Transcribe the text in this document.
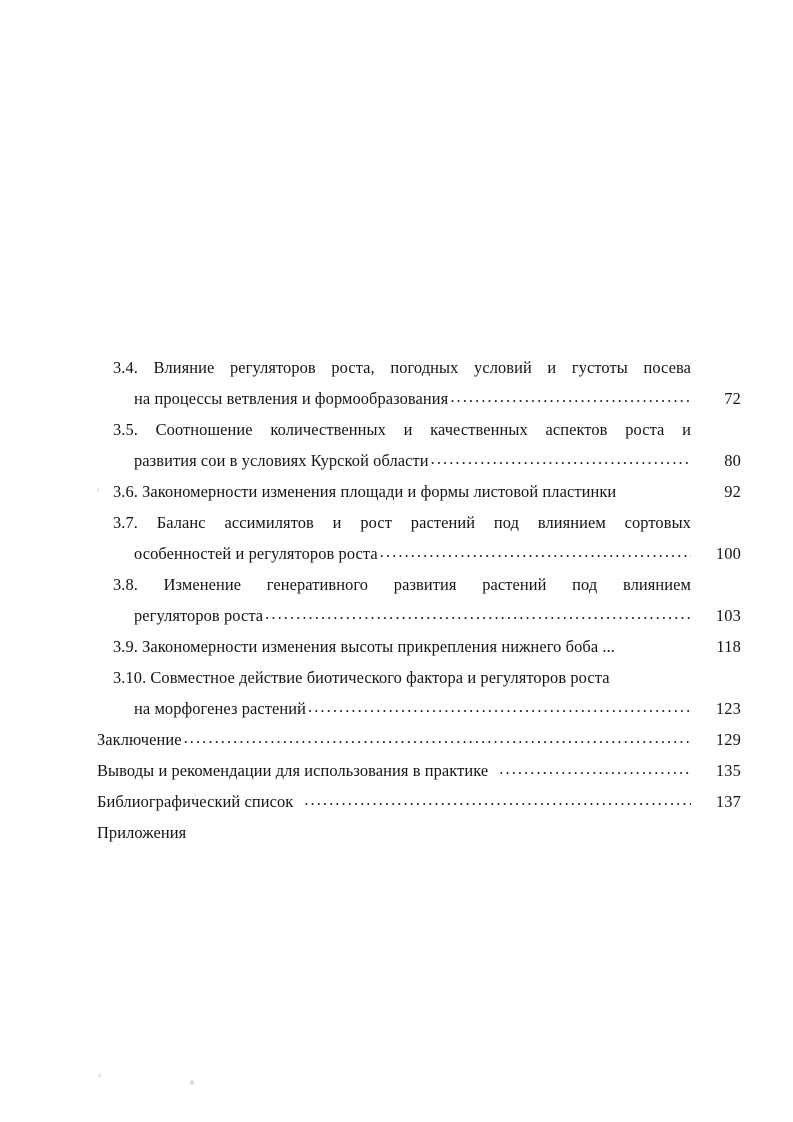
3.4. Влияние регуляторов роста, погодных условий и густоты посева
на процессы ветвления и формообразования .....	72
3.5. Соотношение количественных и качественных аспектов роста и
развития сои в условиях Курской области .....	80
3.6. Закономерности изменения площади и формы листовой пластинки	92
3.7. Баланс ассимилятов и рост растений под влиянием сортовых
особенностей и регуляторов роста .....	100
3.8. Изменение генеративного развития растений под влиянием
регуляторов роста .....	103
3.9. Закономерности изменения высоты прикрепления нижнего боба ...	118
3.10. Совместное действие биотического фактора и регуляторов роста
на морфогенез растений .....	123
Заключение .....	129
Выводы и рекомендации для использования в практике .....	135
Библиографический список .....	137
Приложения
